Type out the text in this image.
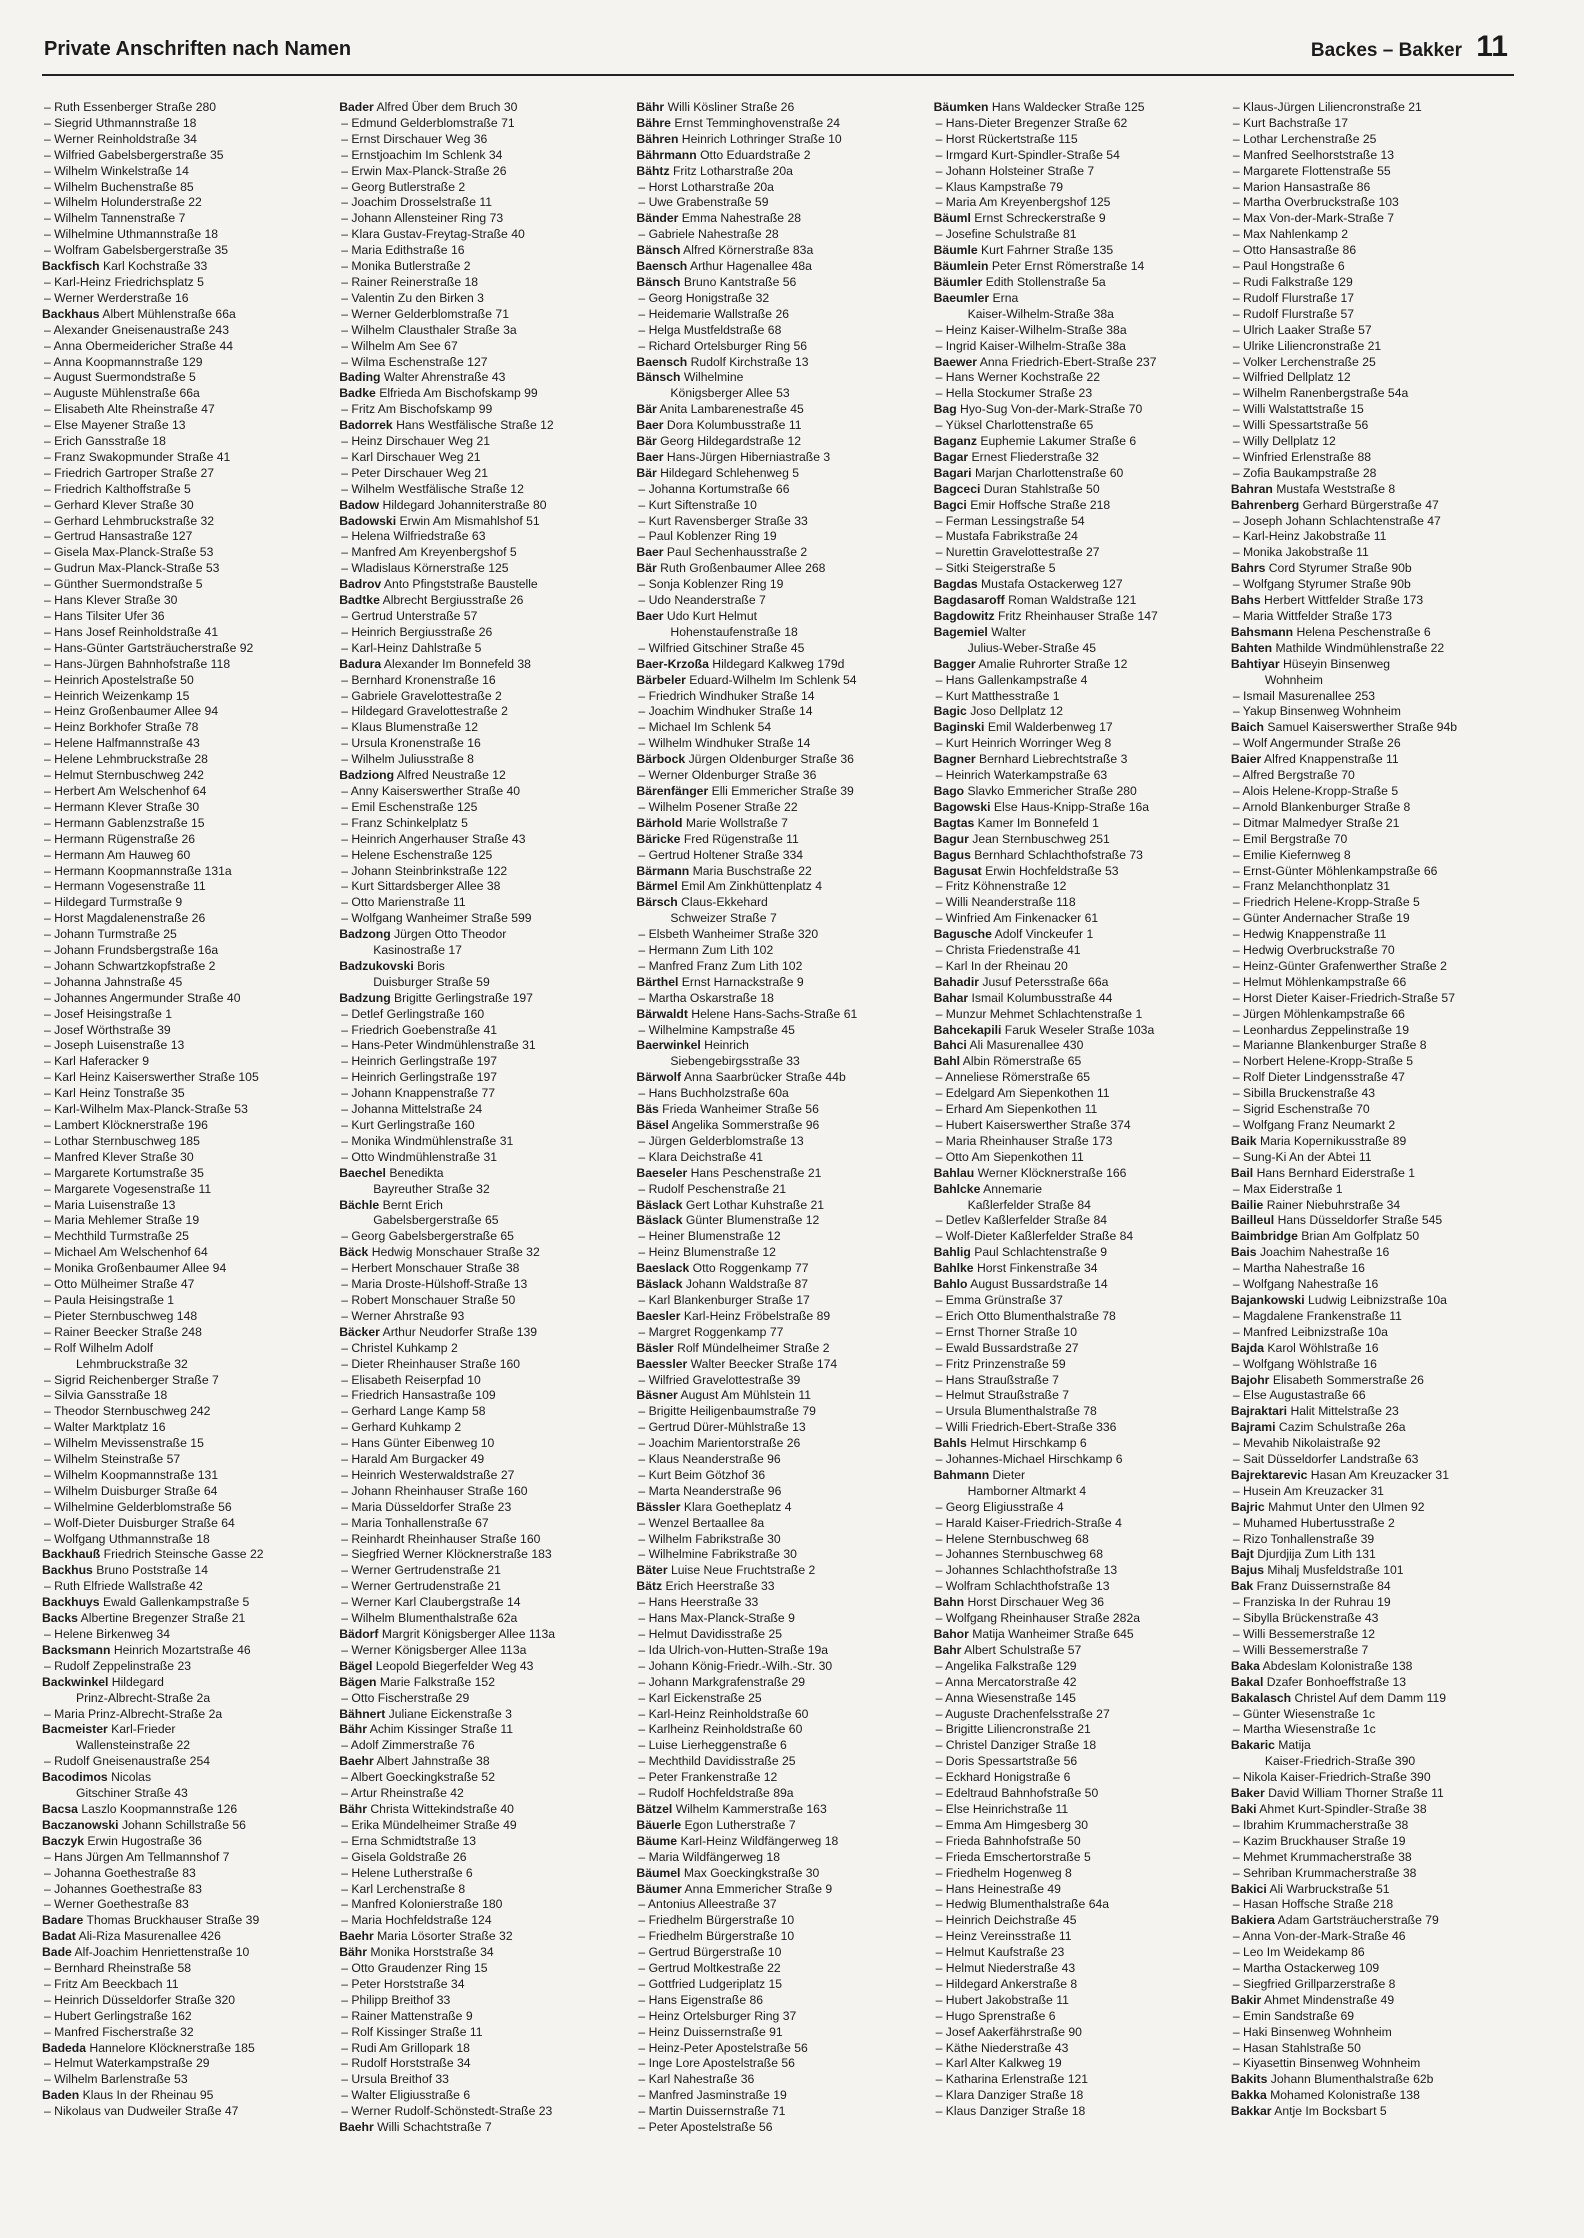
Private Anschriften nach Namen	Backes – Bakker 11
– Ruth Essenberger Straße 280
– Siegrid Uthmannstraße 18
– Werner Reinholdstraße 34
– Wilfried Gabelsbergerstraße 35
– Wilhelm Winkelstraße 14
– Wilhelm Buchenstraße 85
– Wilhelm Holunderstraße 22
– Wilhelm Tannenstraße 7
– Wilhelmine Uthmannstraße 18
– Wolfram Gabelsbergerstraße 35
Backfisch Karl Kochstraße 33
– Karl-Heinz Friedrichsplatz 5
– Werner Werderstraße 16
Backhaus Albert Mühlenstraße 66a
– Alexander Gneisenaustraße 243
– Anna Obermeidericher Straße 44
– Anna Koopmannstraße 129
– August Suermondstraße 5
– Auguste Mühlenstraße 66a
– Elisabeth Alte Rheinstraße 47
– Else Mayener Straße 13
– Erich Gansstraße 18
– Franz Swakopmunder Straße 41
– Friedrich Gartroper Straße 27
– Friedrich Kalthoffstraße 5
– Gerhard Klever Straße 30
– Gerhard Lehmbruckstraße 32
– Gertrud Hansastraße 127
– Gisela Max-Planck-Straße 53
– Gudrun Max-Planck-Straße 53
– Günther Suermondstraße 5
– Hans Klever Straße 30
– Hans Tilsiter Ufer 36
– Hans Josef Reinholdstraße 41
– Hans-Günter Gartsträucherstraße 92
– Hans-Jürgen Bahnhofstraße 118
– Heinrich Apostelstraße 50
– Heinrich Weizenkamp 15
– Heinz Großenbaumer Allee 94
– Heinz Borkhofer Straße 78
– Helene Halfmannstraße 43
– Helene Lehmbruckstraße 28
– Helmut Sternbuschweg 242
– Herbert Am Welschenhof 64
– Hermann Klever Straße 30
– Hermann Gablenzstraße 15
– Hermann Rügenstraße 26
– Hermann Am Hauweg 60
– Hermann Koopmannstraße 131a
– Hermann Vogesenstraße 11
– Hildegard Turmstraße 9
– Horst Magdalenenstraße 26
– Johann Turmstraße 25
– Johann Frundsbergstraße 16a
– Johann Schwartzkopfstraße 2
– Johanna Jahnstraße 45
– Johannes Angermunder Straße 40
– Josef Heisingstraße 1
– Josef Wörthstraße 39
– Joseph Luisenstraße 13
– Karl Haferacker 9
– Karl Heinz Kaiserswerther Straße 105
– Karl Heinz Tonstraße 35
– Karl-Wilhelm Max-Planck-Straße 53
– Lambert Klöcknerstraße 196
– Lothar Sternbuschweg 185
– Manfred Klever Straße 30
– Margarete Kortumstraße 35
– Margarete Vogesenstraße 11
– Maria Luisenstraße 13
– Maria Mehlemer Straße 19
– Mechthild Turmstraße 25
– Michael Am Welschenhof 64
– Monika Großenbaumer Allee 94
– Otto Mülheimer Straße 47
– Paula Heisingstraße 1
– Pieter Sternbuschweg 148
– Rainer Beecker Straße 248
– Rolf Wilhelm Adolf
Lehmbruckstraße 32
– Sigrid Reichenberger Straße 7
– Silvia Gansstraße 18
– Theodor Sternbuschweg 242
– Walter Marktplatz 16
– Wilhelm Mevissenstraße 15
– Wilhelm Steinstraße 57
– Wilhelm Koopmannstraße 131
– Wilhelm Duisburger Straße 64
– Wilhelmine Gelderblomstraße 56
– Wolf-Dieter Duisburger Straße 64
– Wolfgang Uthmannstraße 18
Backhauß Friedrich Steinsche Gasse 22
Backhus Bruno Poststraße 14
– Ruth Elfriede Wallstraße 42
Backhuys Ewald Gallenkampstraße 5
Backs Albertine Bregenzer Straße 21
– Helene Birkenweg 34
Backsmann Heinrich Mozartstraße 46
– Rudolf Zeppelinstraße 23
Backwinkel Hildegard
Prinz-Albrecht-Straße 2a
– Maria Prinz-Albrecht-Straße 2a
Bacmeister Karl-Frieder
Wallensteinstraße 22
– Rudolf Gneisenaustraße 254
Bacodimos Nicolas
Gitschiner Straße 43
Bacsa Laszlo Koopmannstraße 126
Baczanowski Johann Schillstraße 56
Baczyk Erwin Hugostraße 36
– Hans Jürgen Am Tellmannshof 7
– Johanna Goethestraße 83
– Johannes Goethestraße 83
– Werner Goethestraße 83
Badare Thomas Bruckhauser Straße 39
Badat Ali-Riza Masurenallee 426
Bade Alf-Joachim Henriettenstraße 10
– Bernhard Rheinstraße 58
– Fritz Am Beeckbach 11
– Heinrich Düsseldorfer Straße 320
– Hubert Gerlingstraße 162
– Manfred Fischerstraße 32
Badeda Hannelore Klöcknerstraße 185
– Helmut Waterkampstraße 29
– Wilhelm Barlenstraße 53
Baden Klaus In der Rheinau 95
– Nikolaus van Dudweiler Straße 47
Bader Alfred Über dem Bruch 30
– Edmund Gelderblomstraße 71
– Ernst Dirschauer Weg 36
– Ernstjoachim Im Schlenk 34
– Erwin Max-Planck-Straße 26
– Georg Butlerstraße 2
– Joachim Drosselstraße 11
– Johann Allensteiner Ring 73
– Klara Gustav-Freytag-Straße 40
– Maria Edithstraße 16
– Monika Butlerstraße 2
– Rainer Reinerstraße 18
– Valentin Zu den Birken 3
– Werner Gelderblomstraße 71
– Wilhelm Clausthaler Straße 3a
– Wilhelm Am See 67
– Wilma Eschenstraße 127
Bading Walter Ahrenstraße 43
Badke Elfrieda Am Bischofskamp 99
– Fritz Am Bischofskamp 99
Badorrek Hans Westfälische Straße 12
– Heinz Dirschauer Weg 21
– Karl Dirschauer Weg 21
– Peter Dirschauer Weg 21
– Wilhelm Westfälische Straße 12
Badow Hildegard Johanniterstraße 80
Badowski Erwin Am Mismahlshof 51
– Helena Wilfriedstraße 63
– Manfred Am Kreyenbergshof 5
– Wladislaus Körnerstraße 125
Badrov Anto Pfingststraße Baustelle
Badtke Albrecht Bergiusstraße 26
– Gertrud Unterstraße 57
– Heinrich Bergiusstraße 26
– Karl-Heinz Dahlstraße 5
Badura Alexander Im Bonnefeld 38
– Bernhard Kronenstraße 16
– Gabriele Gravelottestraße 2
– Hildegard Gravelottestraße 2
– Klaus Blumenstraße 12
– Ursula Kronenstraße 16
– Wilhelm Juliusstraße 8
Badziong Alfred Neustraße 12
– Anny Kaiserswerther Straße 40
– Emil Eschenstraße 125
– Franz Schinkelplatz 5
– Heinrich Angerhauser Straße 43
– Helene Eschenstraße 125
– Johann Steinbrinkstraße 122
– Kurt Sittardsberger Allee 38
– Otto Marienstraße 11
– Wolfgang Wanheimer Straße 599
Badzong Jürgen Otto Theodor
Kasinostraße 17
Badzukovski Boris
Duisburger Straße 59
Badzung Brigitte Gerlingstraße 197
– Detlef Gerlingstraße 160
– Friedrich Goebenstraße 41
– Hans-Peter Windmühlenstraße 31
– Heinrich Gerlingstraße 197
– Heinrich Gerlingstraße 197
– Johann Knappenstraße 77
– Johanna Mittelstraße 24
– Kurt Gerlingstraße 160
– Monika Windmühlenstraße 31
– Otto Windmühlenstraße 31
Baechel Benedikta
Bayreuther Straße 32
Bächle Bernt Erich
Gabelsbergerstraße 65
– Georg Gabelsbergerstraße 65
Bäck Hedwig Monschauer Straße 32
– Herbert Monschauer Straße 38
– Maria Droste-Hülshoff-Straße 13
– Robert Monschauer Straße 50
– Werner Ahrstraße 93
Bäcker Arthur Neudorfer Straße 139
– Christel Kuhkamp 2
– Dieter Rheinhauser Straße 160
– Elisabeth Reiserpfad 10
– Friedrich Hansastraße 109
– Gerhard Lange Kamp 58
– Gerhard Kuhkamp 2
– Hans Günter Eibenweg 10
– Harald Am Burgacker 49
– Heinrich Westerwaldstraße 27
– Johann Rheinhauser Straße 160
– Maria Düsseldorfer Straße 23
– Maria Tonhallenstraße 67
– Reinhardt Rheinhauser Straße 160
– Siegfried Werner Klöcknerstraße 183
– Werner Gertrudenstraße 21
– Werner Gertrudenstraße 21
– Werner Karl Claubergstraße 14
– Wilhelm Blumenthalstraße 62a
Bädorf Margrit Königsberger Allee 113a
– Werner Königsberger Allee 113a
Bägel Leopold Biegerfelder Weg 43
Bägen Marie Falkstraße 152
– Otto Fischerstraße 29
Bähnert Juliane Eickenstraße 3
Bähr Achim Kissinger Straße 11
– Adolf Zimmerstraße 76
Baehr Albert Jahnstraße 38
– Albert Goeckingkstraße 52
– Artur Rheinstraße 42
Bähr Christa Wittekindstraße 40
– Erika Mündelheimer Straße 49
– Erna Schmidtstraße 13
– Gisela Goldstraße 26
– Helene Lutherstraße 6
– Karl Lerchenstraße 8
– Manfred Kolonierstraße 180
– Maria Hochfeldstraße 124
Baehr Maria Lösorter Straße 32
Bähr Monika Horststraße 34
– Otto Graudenzer Ring 15
– Peter Horststraße 34
– Philipp Breithof 33
– Rainer Mattenstraße 9
– Rolf Kissinger Straße 11
– Rudi Am Grillopark 18
– Rudolf Horststraße 34
– Ursula Breithof 33
– Walter Eligiusstraße 6
– Werner Rudolf-Schönstedt-Straße 23
Baehr Willi Schachtstraße 7
Bähr Willi Kösliner Straße 26
Bähre Ernst Temminghovenstraße 24
Bähren Heinrich Lothringer Straße 10
Bährmann Otto Eduardstraße 2
Bähtz Fritz Lotharstraße 20a
– Horst Lotharstraße 20a
– Uwe Grabenstraße 59
Bänder Emma Nahestraße 28
– Gabriele Nahestraße 28
Bänsch Alfred Körnerstraße 83a
Baensch Arthur Hagenallee 48a
Bänsch Bruno Kantstraße 56
– Georg Honigstraße 32
– Heidemarie Wallstraße 26
– Helga Mustfeldstraße 68
– Richard Ortelsburger Ring 56
Baensch Rudolf Kirchstraße 13
Bänsch Wilhelmine
Königsberger Allee 53
Bär Anita Lambarenestraße 45
Baer Dora Kolumbusstraße 11
Bär Georg Hildegardstraße 12
Baer Hans-Jürgen Hiberniastraße 3
Bär Hildegard Schlehenweg 5
– Johanna Kortumstraße 66
– Kurt Siftenstraße 10
– Kurt Ravensberger Straße 33
– Paul Koblenzer Ring 19
Baer Paul Sechenhausstraße 2
Bär Ruth Großenbaumer Allee 268
– Sonja Koblenzer Ring 19
– Udo Neanderstraße 7
Baer Udo Kurt Helmut
Hohenstaufenstraße 18
– Wilfried Gitschiner Straße 45
Baer-Krzoßa Hildegard Kalkweg 179d
Bärbeler Eduard-Wilhelm Im Schlenk 54
– Friedrich Windhuker Straße 14
– Joachim Windhuker Straße 14
– Michael Im Schlenk 54
– Wilhelm Windhuker Straße 14
Bärbock Jürgen Oldenburger Straße 36
– Werner Oldenburger Straße 36
Bärenfänger Elli Emmericher Straße 39
– Wilhelm Posener Straße 22
Bärhold Marie Wollstraße 7
Bäricke Fred Rügenstraße 11
– Gertrud Holtener Straße 334
Bärmann Maria Buschstraße 22
Bärmel Emil Am Zinkhüttenplatz 4
Bärsch Claus-Ekkehard
Schweizer Straße 7
– Elsbeth Wanheimer Straße 320
– Hermann Zum Lith 102
– Manfred Franz Zum Lith 102
Bärthel Ernst Harnackstraße 9
– Martha Oskarstraße 18
Bärwaldt Helene Hans-Sachs-Straße 61
– Wilhelmine Kampstraße 45
Baerwinkel Heinrich
Siebengebirgsstraße 33
Bärwolf Anna Saarbrücker Straße 44b
– Hans Buchholzstraße 60a
Bäs Frieda Wanheimer Straße 56
Bäsel Angelika Sommerstraße 96
– Jürgen Gelderblomstraße 13
– Klara Deichstraße 41
Baeseler Hans Peschenstraße 21
– Rudolf Peschenstraße 21
Bäslack Gert Lothar Kuhstraße 21
Bäslack Günter Blumenstraße 12
– Heiner Blumenstraße 12
– Heinz Blumenstraße 12
Baeslack Otto Roggenkamp 77
Bäslack Johann Waldstraße 87
– Karl Blankenburger Straße 17
Baesler Karl-Heinz Fröbelstraße 89
– Margret Roggenkamp 77
Bäsler Rolf Mündelheimer Straße 2
Baessler Walter Beecker Straße 174
– Wilfried Gravelottestraße 39
Bäsner August Am Mühlstein 11
– Brigitte Heiligenbaumstraße 79
– Gertrud Dürer-Mühlstraße 13
– Joachim Marientorstraße 26
– Klaus Neanderstraße 96
– Kurt Beim Götzhof 36
– Marta Neanderstraße 96
Bässler Klara Goetheplatz 4
– Wenzel Bertaallee 8a
– Wilhelm Fabrikstraße 30
– Wilhelmine Fabrikstraße 30
Bäter Luise Neue Fruchtstraße 2
Bätz Erich Heerstraße 33
– Hans Heerstraße 33
– Hans Max-Planck-Straße 9
– Helmut Davidisstraße 25
– Ida Ulrich-von-Hutten-Straße 19a
– Johann König-Friedr.-Wilh.-Str. 30
– Johann Markgrafenstraße 29
– Karl Eickenstraße 25
– Karl-Heinz Reinholdstraße 60
– Karlheinz Reinholdstraße 60
– Luise Lierheggenstraße 6
– Mechthild Davidisstraße 25
– Peter Frankenstraße 12
– Rudolf Hochfeldstraße 89a
Bätzel Wilhelm Kammerstraße 163
Bäuerle Egon Lutherstraße 7
Bäume Karl-Heinz Wildfängerweg 18
– Maria Wildfängerweg 18
Bäumel Max Goeckingkstraße 30
Bäumer Anna Emmericher Straße 9
– Antonius Alleestraße 37
– Friedhelm Bürgerstraße 10
– Friedhelm Bürgerstraße 10
– Gertrud Bürgerstraße 10
– Gertrud Moltkestraße 22
– Gottfried Ludgeriplatz 15
– Hans Eigenstraße 86
– Heinz Ortelsburger Ring 37
– Heinz Duissernstraße 91
– Heinz-Peter Apostelstraße 56
– Inge Lore Apostelstraße 56
– Karl Nahestraße 36
– Manfred Jasminstraße 19
– Martin Duissernstraße 71
– Peter Apostelstraße 56
Bäumken Hans Waldecker Straße 125
– Hans-Dieter Bregenzer Straße 62
– Horst Rückertstraße 115
– Irmgard Kurt-Spindler-Straße 54
– Johann Holsteiner Straße 7
– Klaus Kampstraße 79
– Maria Am Kreyenbergshof 125
Bäuml Ernst Schreckerstraße 9
– Josefine Schulstraße 81
Bäumle Kurt Fahrner Straße 135
Bäumlein Peter Ernst Römerstraße 14
Bäumler Edith Stollenstraße 5a
Baeumler Erna
Kaiser-Wilhelm-Straße 38a
– Heinz Kaiser-Wilhelm-Straße 38a
– Ingrid Kaiser-Wilhelm-Straße 38a
Baewer Anna Friedrich-Ebert-Straße 237
– Hans Werner Kochstraße 22
– Hella Stockumer Straße 23
Bag Hyo-Sug Von-der-Mark-Straße 70
– Yüksel Charlottenstraße 65
Baganz Euphemie Lakumer Straße 6
Bagar Ernest Fliederstraße 32
Bagari Marjan Charlottenstraße 60
Bagceci Duran Stahlstraße 50
Bagci Emir Hoffsche Straße 218
– Ferman Lessingstraße 54
– Mustafa Fabrikstraße 24
– Nurettin Gravelottestraße 27
– Sitki Steigerstraße 5
Bagdas Mustafa Ostackerweg 127
Bagdasaroff Roman Waldstraße 121
Bagdowitz Fritz Rheinhauser Straße 147
Bagemiel Walter
Julius-Weber-Straße 45
Bagger Amalie Ruhrorter Straße 12
– Hans Gallenkampstraße 4
– Kurt Matthesstraße 1
Bagic Joso Dellplatz 12
Baginski Emil Walderbenweg 17
– Kurt Heinrich Worringer Weg 8
Bagner Bernhard Liebrechtstraße 3
– Heinrich Waterkampstraße 63
Bago Slavko Emmericher Straße 280
Bagowski Else Haus-Knipp-Straße 16a
Bagtas Kamer Im Bonnefeld 1
Bagur Jean Sternbuschweg 251
Bagus Bernhard Schlachthofstraße 73
Bagusat Erwin Hochfeldstraße 53
– Fritz Köhnenstraße 12
– Willi Neanderstraße 118
– Winfried Am Finkenacker 61
Bagusche Adolf Vinckeufer 1
– Christa Friedenstraße 41
– Karl In der Rheinau 20
Bahadir Jusuf Petersstraße 66a
Bahar Ismail Kolumbusstraße 44
– Munzur Mehmet Schlachtenstraße 1
Bahcekapili Faruk Weseler Straße 103a
Bahci Ali Masurenallee 430
Bahl Albin Römerstraße 65
– Anneliese Römerstraße 65
– Edelgard Am Siepenkothen 11
– Erhard Am Siepenkothen 11
– Hubert Kaiserswerther Straße 374
– Maria Rheinhauser Straße 173
– Otto Am Siepenkothen 11
Bahlau Werner Klöcknerstraße 166
Bahlcke Annemarie
Kaßlerfelder Straße 84
– Detlev Kaßlerfelder Straße 84
– Wolf-Dieter Kaßlerfelder Straße 84
Bahlig Paul Schlachtenstraße 9
Bahlke Horst Finkenstraße 34
Bahlo August Bussardstraße 14
– Emma Grünstraße 37
– Erich Otto Blumenthalstraße 78
– Ernst Thorner Straße 10
– Ewald Bussardstraße 27
– Fritz Prinzenstraße 59
– Hans Straußstraße 7
– Helmut Straußstraße 7
– Ursula Blumenthalstraße 78
– Willi Friedrich-Ebert-Straße 336
Bahls Helmut Hirschkamp 6
– Johannes-Michael Hirschkamp 6
Bahmann Dieter
Hamborner Altmarkt 4
– Georg Eligiusstraße 4
– Harald Kaiser-Friedrich-Straße 4
– Helene Sternbuschweg 68
– Johannes Sternbuschweg 68
– Johannes Schlachthofstraße 13
– Wolfram Schlachthofstraße 13
Bahn Horst Dirschauer Weg 36
– Wolfgang Rheinhauser Straße 282a
Bahor Matija Wanheimer Straße 645
Bahr Albert Schulstraße 57
– Angelika Falkstraße 129
– Anna Mercatorstraße 42
– Anna Wiesenstraße 145
– Auguste Drachenfelsstraße 27
– Brigitte Liliencronstraße 21
– Christel Danziger Straße 18
– Doris Spessartstraße 56
– Eckhard Honigstraße 6
– Edeltraud Bahnhofstraße 50
– Else Heinrichstraße 11
– Emma Am Himgesberg 30
– Frieda Bahnhofstraße 50
– Frieda Emschertorstraße 5
– Friedhelm Hogenweg 8
– Hans Heinestraße 49
– Hedwig Blumenthalstraße 64a
– Heinrich Deichstraße 45
– Heinz Vereinsstraße 11
– Helmut Kaufstraße 23
– Helmut Niederstraße 43
– Hildegard Ankerstraße 8
– Hubert Jakobstraße 11
– Hugo Sprenstraße 6
– Josef Aakerfährstraße 90
– Käthe Niederstraße 43
– Karl Alter Kalkweg 19
– Katharina Erlenstraße 121
– Klara Danziger Straße 18
– Klaus Danziger Straße 18
– Klaus-Jürgen Liliencronstraße 21
– Kurt Bachstraße 17
– Lothar Lerchenstraße 25
– Manfred Seelhorststraße 13
– Margarete Flottenstraße 55
– Marion Hansastraße 86
– Martha Overbruckstraße 103
– Max Von-der-Mark-Straße 7
– Max Nahlenkamp 2
– Otto Hansastraße 86
– Paul Hongstraße 6
– Rudi Falkstraße 129
– Rudolf Flurstraße 17
– Rudolf Flurstraße 57
– Ulrich Laaker Straße 57
– Ulrike Liliencronstraße 21
– Volker Lerchenstraße 25
– Wilfried Dellplatz 12
– Wilhelm Ranenbergstraße 54a
– Willi Walstattstraße 15
– Willi Spessartstraße 56
– Willy Dellplatz 12
– Winfried Erlenstraße 88
– Zofia Baukampstraße 28
Bahran Mustafa Weststraße 8
Bahrenberg Gerhard Bürgerstraße 47
– Joseph Johann Schlachtenstraße 47
– Karl-Heinz Jakobstraße 11
– Monika Jakobstraße 11
Bahrs Cord Styrumer Straße 90b
– Wolfgang Styrumer Straße 90b
Bahs Herbert Wittfelder Straße 173
– Maria Wittfelder Straße 173
Bahsmann Helena Peschenstraße 6
Bahten Mathilde Windmühlenstraße 22
Bahtiyar Hüseyin Binsenweg
Wohnheim
– Ismail Masurenallee 253
– Yakup Binsenweg Wohnheim
Baich Samuel Kaiserswerther Straße 94b
– Wolf Angermunder Straße 26
Baier Alfred Knappenstraße 11
– Alfred Bergstraße 70
– Alois Helene-Kropp-Straße 5
– Arnold Blankenburger Straße 8
– Ditmar Malmedyer Straße 21
– Emil Bergstraße 70
– Emilie Kiefernweg 8
– Ernst-Günter Möhlenkampstraße 66
– Franz Melanchthonplatz 31
– Friedrich Helene-Kropp-Straße 5
– Günter Andernacher Straße 19
– Hedwig Knappenstraße 11
– Hedwig Overbruckstraße 70
– Heinz-Günter Grafenwerther Straße 2
– Helmut Möhlenkampstraße 66
– Horst Dieter Kaiser-Friedrich-Straße 57
– Jürgen Möhlenkampstraße 66
– Leonhardus Zeppelinstraße 19
– Marianne Blankenburger Straße 8
– Norbert Helene-Kropp-Straße 5
– Rolf Dieter Lindgensstraße 47
– Sibilla Bruckenstraße 43
– Sigrid Eschenstraße 70
– Wolfgang Franz Neumarkt 2
Baik Maria Kopernikusstraße 89
– Sung-Ki An der Abtei 11
Bail Hans Bernhard Eiderstraße 1
– Max Eiderstraße 1
Bailie Rainer Niebuhrstraße 34
Bailleul Hans Düsseldorfer Straße 545
Baimbridge Brian Am Golfplatz 50
Bais Joachim Nahestraße 16
– Martha Nahestraße 16
– Wolfgang Nahestraße 16
Bajankowski Ludwig Leibnizstraße 10a
– Magdalene Frankenstraße 11
– Manfred Leibnizstraße 10a
Bajda Karol Wöhlstraße 16
– Wolfgang Wöhlstraße 16
Bajohr Elisabeth Sommerstraße 26
– Else Augustastraße 66
Bajraktari Halit Mittelstraße 23
Bajrami Cazim Schulstraße 26a
– Mevahib Nikolaistraße 92
– Sait Düsseldorfer Landstraße 63
Bajrektarevic Hasan Am Kreuzacker 31
– Husein Am Kreuzacker 31
Bajric Mahmut Unter den Ulmen 92
– Muhamed Hubertusstraße 2
– Rizo Tonhallenstraße 39
Bajt Djurdjija Zum Lith 131
Bajus Mihalj Musfeldstraße 101
Bak Franz Duissernstraße 84
– Franziska In der Ruhrau 19
– Sibylla Brückenstraße 43
– Willi Bessemerstraße 12
– Willi Bessemerstraße 7
Baka Abdeslam Kolonistraße 138
Bakal Dzafer Bonhoeffstraße 13
Bakalasch Christel Auf dem Damm 119
– Günter Wiesenstraße 1c
– Martha Wiesenstraße 1c
Bakaric Matija
Kaiser-Friedrich-Straße 390
– Nikola Kaiser-Friedrich-Straße 390
Baker David William Thorner Straße 11
Baki Ahmet Kurt-Spindler-Straße 38
– Ibrahim Krummacherstraße 38
– Kazim Bruckhauser Straße 19
– Mehmet Krummacherstraße 38
– Sehriban Krummacherstraße 38
Bakici Ali Warbruckstraße 51
– Hasan Hoffsche Straße 218
Bakiera Adam Gartsträucherstraße 79
– Anna Von-der-Mark-Straße 46
– Leo Im Weidekamp 86
– Martha Ostackerweg 109
– Siegfried Grillparzerstraße 8
Bakir Ahmet Mindenstraße 49
– Emin Sandstraße 69
– Haki Binsenweg Wohnheim
– Hasan Stahlstraße 50
– Kiyasettin Binsenweg Wohnheim
Bakits Johann Blumenthalstraße 62b
Bakka Mohamed Kolonistraße 138
Bakkar Antje Im Bocksbart 5
